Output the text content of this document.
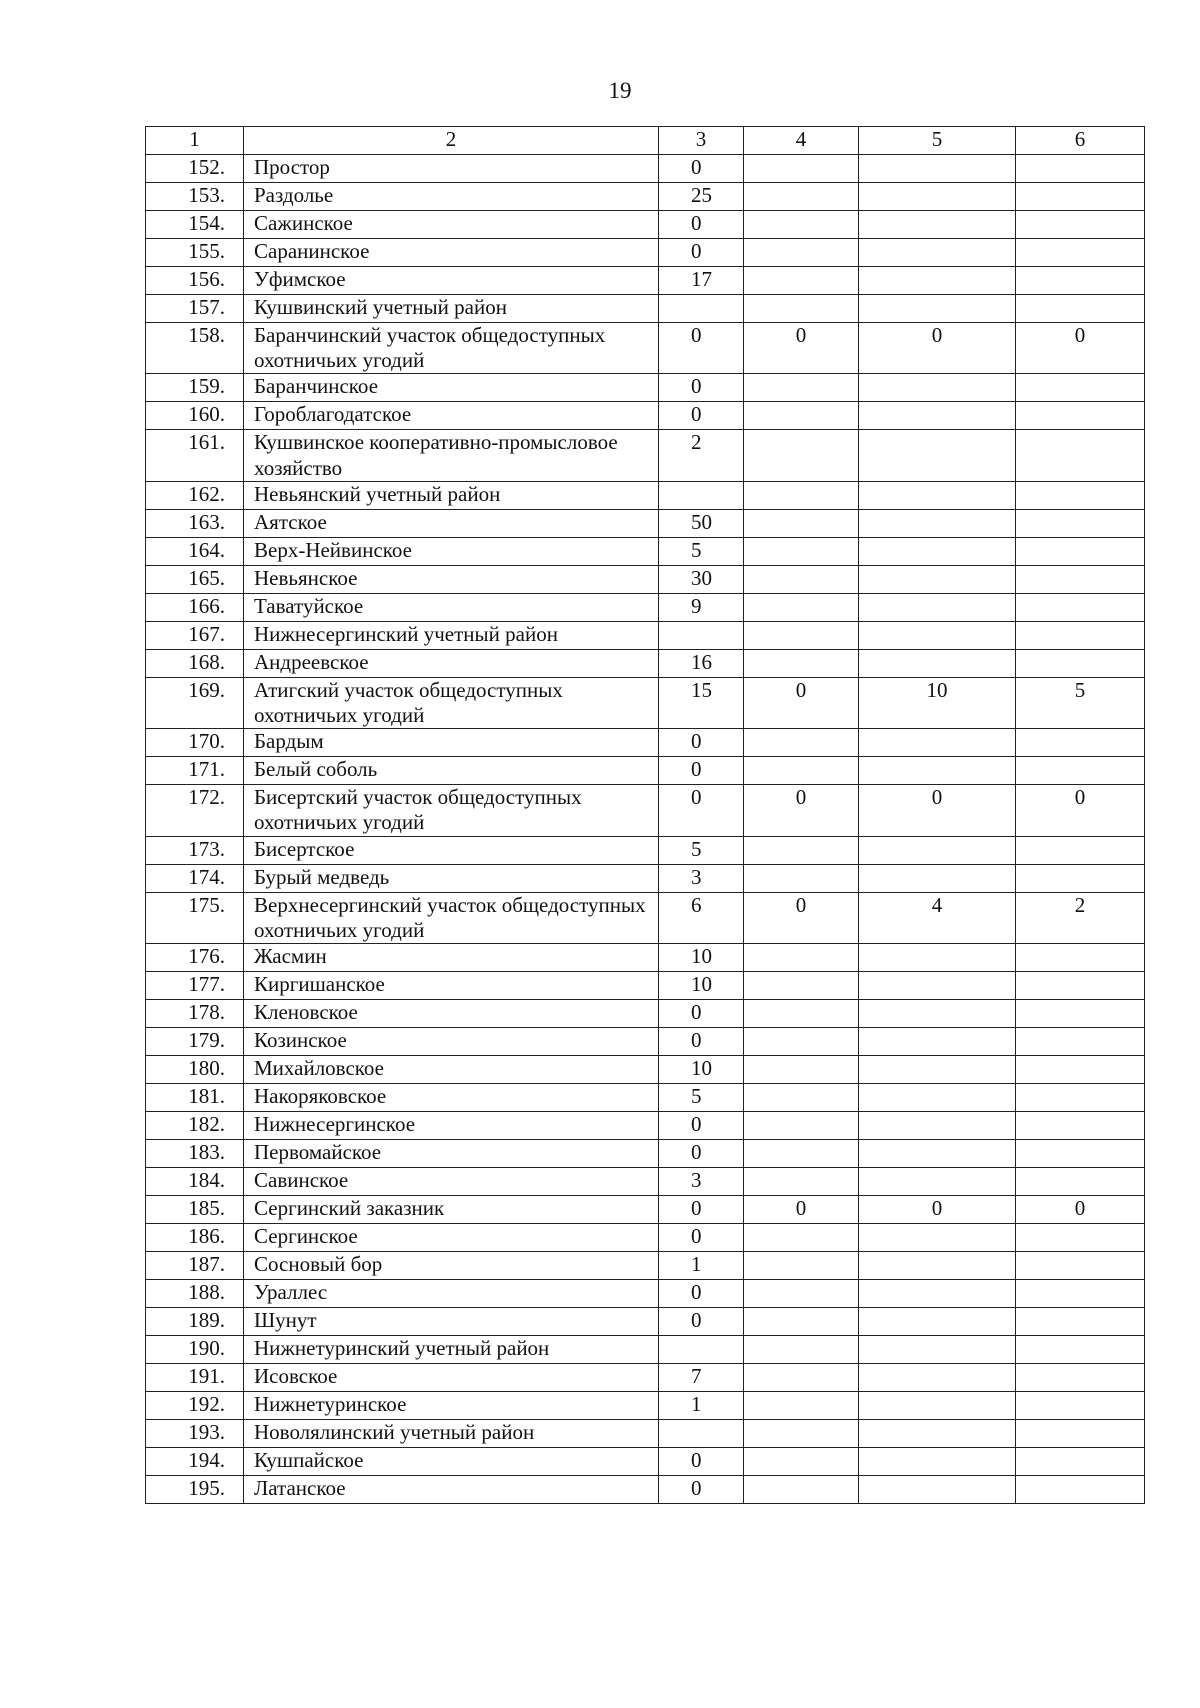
19
1	2	3	4	5	6
152.	Простор	0			
153.	Раздолье	25			
154.	Сажинское	0			
155.	Саранинское	0			
156.	Уфимское	17			
157.	Кушвинский учетный район				
158.	Баранчинский участок общедоступных охотничьих угодий	0	0	0	0
159.	Баранчинское	0			
160.	Гороблагодатское	0			
161.	Кушвинское кооперативно-промысловое хозяйство	2			
162.	Невьянский учетный район				
163.	Аятское	50			
164.	Верх-Нейвинское	5			
165.	Невьянское	30			
166.	Таватуйское	9			
167.	Нижнесергинский учетный район				
168.	Андреевское	16			
169.	Атигский участок общедоступных охотничьих угодий	15	0	10	5
170.	Бардым	0			
171.	Белый соболь	0			
172.	Бисертский участок общедоступных охотничьих угодий	0	0	0	0
173.	Бисертское	5			
174.	Бурый медведь	3			
175.	Верхнесергинский участок общедоступных охотничьих угодий	6	0	4	2
176.	Жасмин	10			
177.	Киргишанское	10			
178.	Кленовское	0			
179.	Козинское	0			
180.	Михайловское	10			
181.	Накоряковское	5			
182.	Нижнесергинское	0			
183.	Первомайское	0			
184.	Савинское	3			
185.	Сергинский заказник	0	0	0	0
186.	Сергинское	0			
187.	Сосновый бор	1			
188.	Ураллес	0			
189.	Шунут	0			
190.	Нижнетуринский учетный район				
191.	Исовское	7			
192.	Нижнетуринское	1			
193.	Новолялинский учетный район				
194.	Кушпайское	0			
195.	Латанское	0			
